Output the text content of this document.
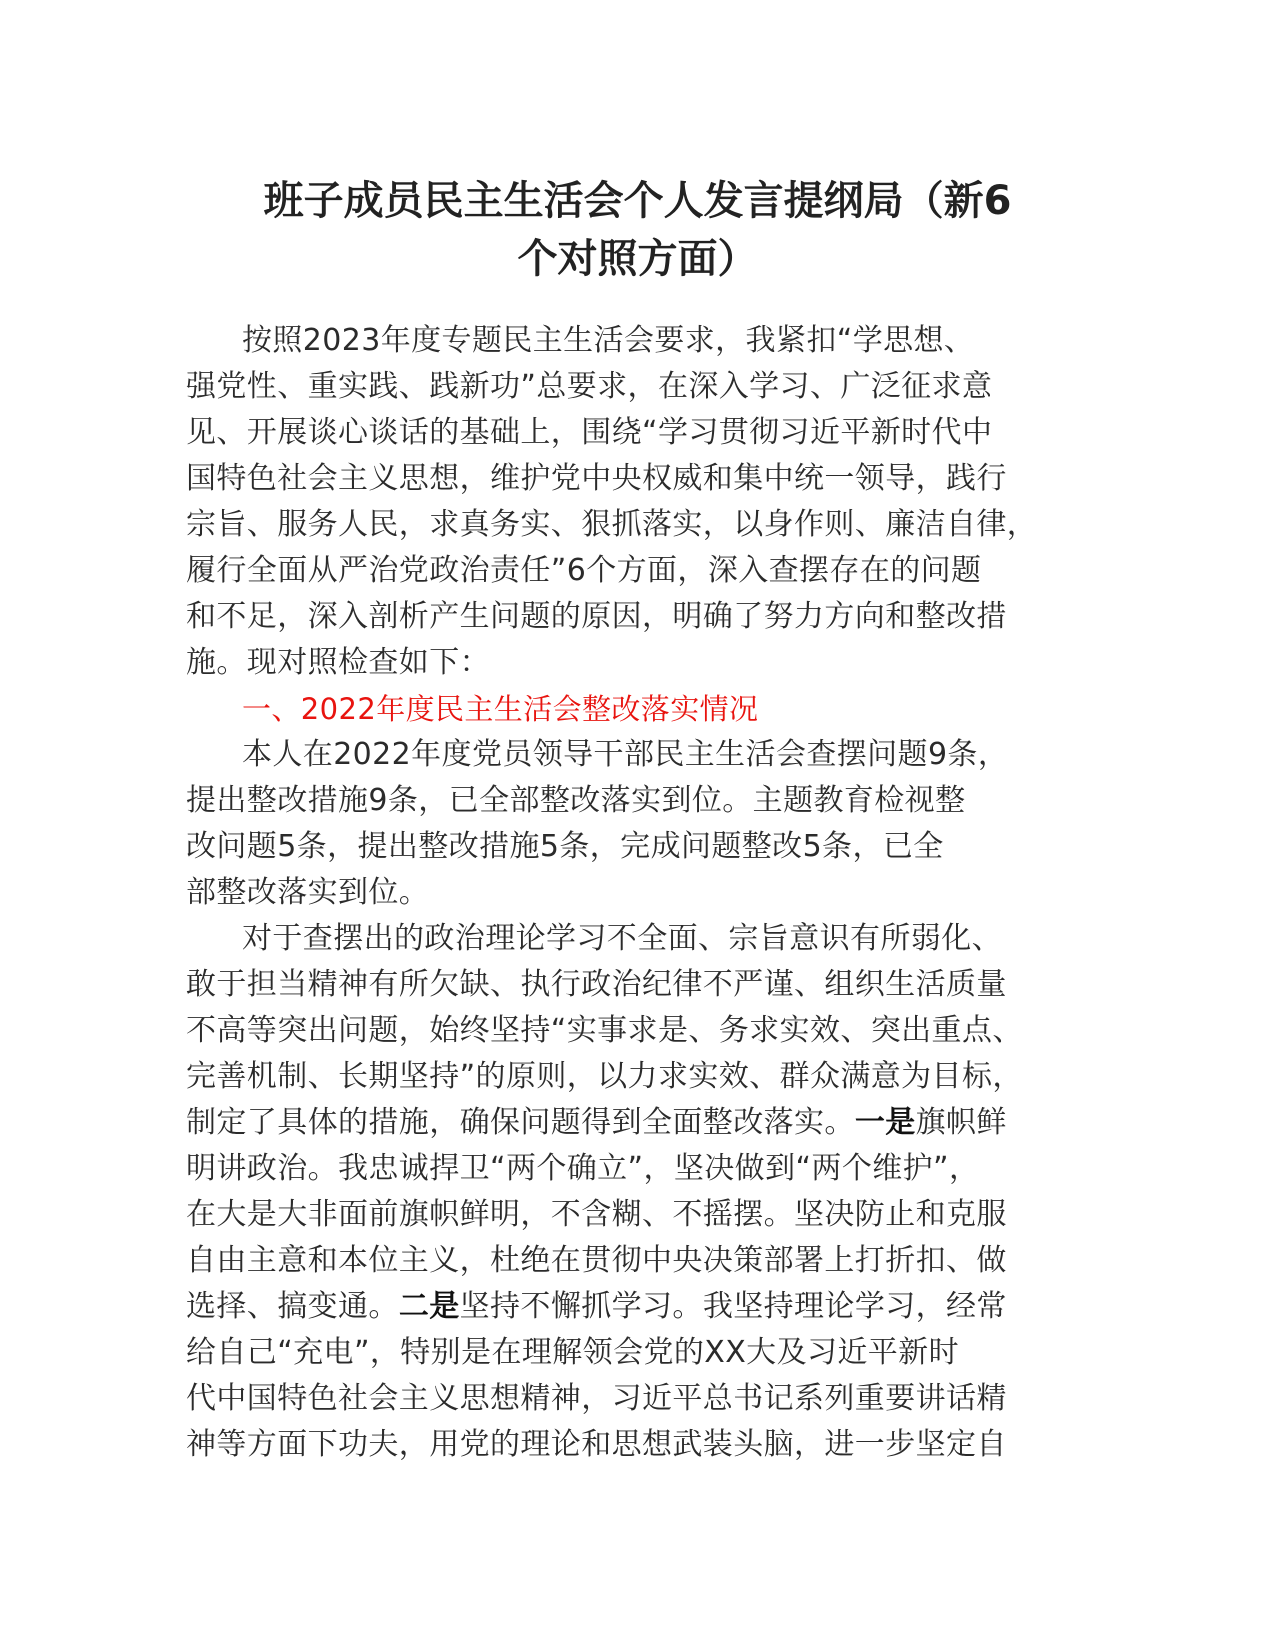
班子成员民主生活会个人发言提纲局（新6
个对照方面）
按照2023年度专题民主生活会要求，我紧扣“学思想、
强党性、重实践、践新功”总要求，在深入学习、广泛征求意
见、开展谈心谈话的基础上，围绕“学习贯彻习近平新时代中
国特色社会主义思想，维护党中央权威和集中统一领导，践行
宗旨、服务人民，求真务实、狠抓落实，以身作则、廉洁自律，
履行全面从严治党政治责任”6个方面，深入查摆存在的问题
和不足，深入剖析产生问题的原因，明确了努力方向和整改措
施。现对照检查如下：
一、2022年度民主生活会整改落实情况
本人在2022年度党员领导干部民主生活会查摆问题9条，
提出整改措施9条，已全部整改落实到位。主题教育检视整
改问题5条，提出整改措施5条，完成问题整改5条，已全
部整改落实到位。
对于查摆出的政治理论学习不全面、宗旨意识有所弱化、
敢于担当精神有所欠缺、执行政治纪律不严谨、组织生活质量
不高等突出问题，始终坚持“实事求是、务求实效、突出重点、
完善机制、长期坚持”的原则，以力求实效、群众满意为目标，
制定了具体的措施，确保问题得到全面整改落实。一是旗帜鲜
明讲政治。我忠诚捍卫“两个确立”，坚决做到“两个维护”，
在大是大非面前旗帜鲜明，不含糊、不摇摆。坚决防止和克服
自由主意和本位主义，杜绝在贯彻中央决策部署上打折扣、做
选择、搞变通。二是坚持不懈抓学习。我坚持理论学习，经常
给自己“充电”，特别是在理解领会党的XX大及习近平新时
代中国特色社会主义思想精神，习近平总书记系列重要讲话精
神等方面下功夫，用党的理论和思想武装头脑，进一步坚定自
